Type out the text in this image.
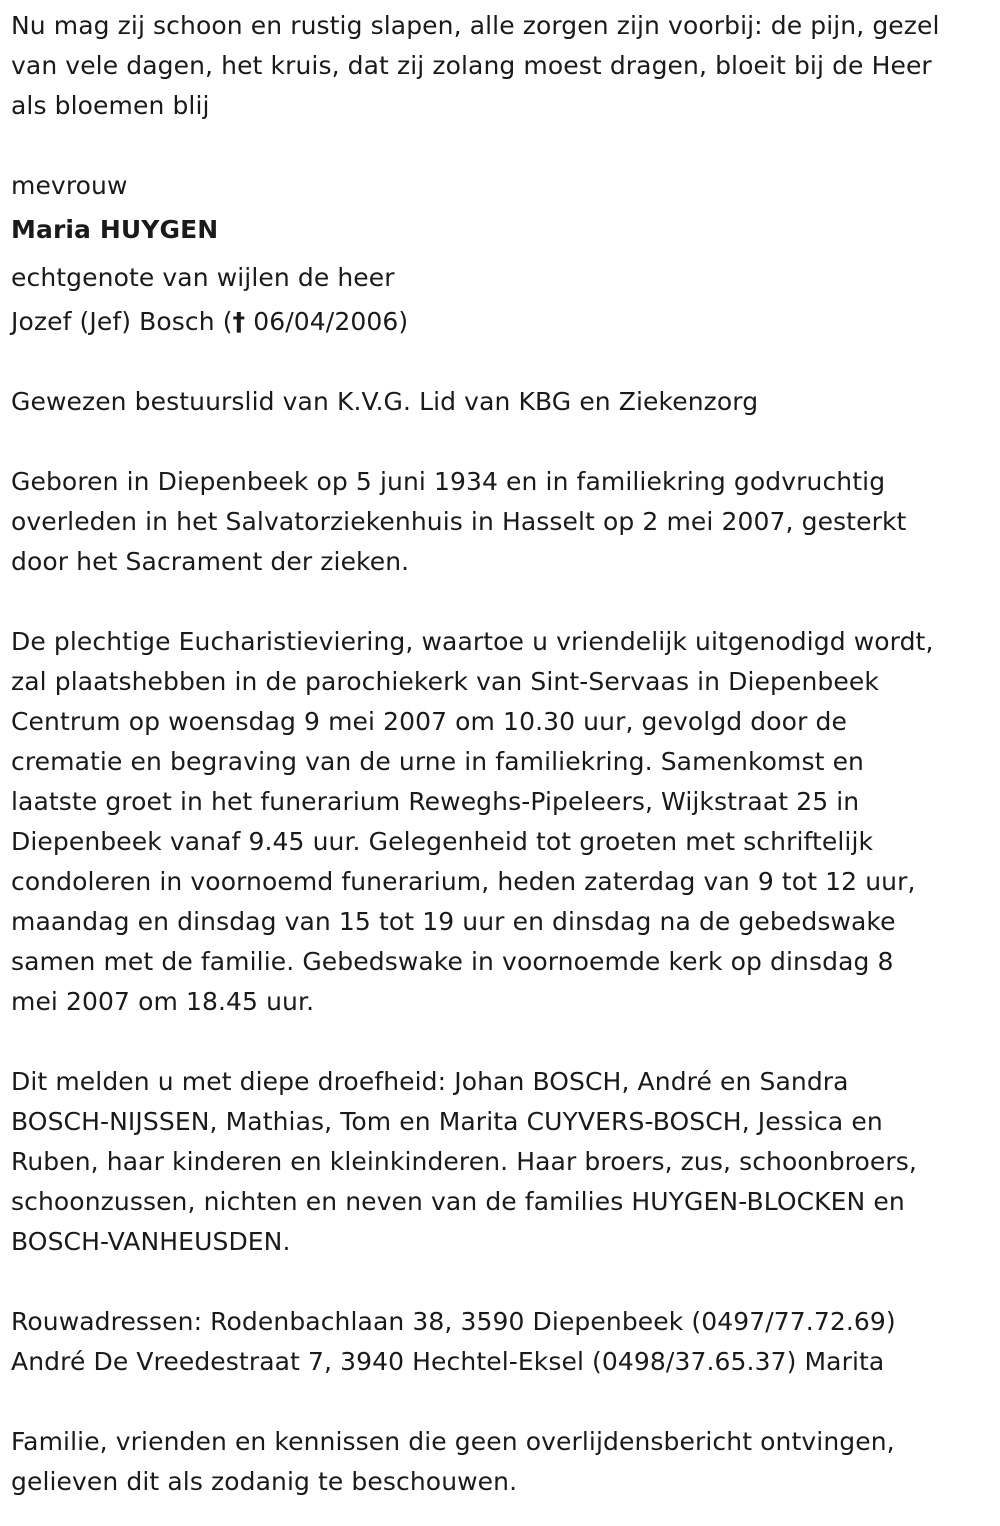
Nu mag zij schoon en rustig slapen, alle zorgen zijn voorbij: de pijn, gezel
van vele dagen, het kruis, dat zij zolang moest dragen, bloeit bij de Heer
als bloemen blij
mevrouw
Maria HUYGEN
echtgenote van wijlen de heer
Jozef (Jef) Bosch († 06/04/2006)
Gewezen bestuurslid van K.V.G. Lid van KBG en Ziekenzorg
Geboren in Diepenbeek op 5 juni 1934 en in familiekring godvruchtig
overleden in het Salvatorziekenhuis in Hasselt op 2 mei 2007, gesterkt
door het Sacrament der zieken.
De plechtige Eucharistieviering, waartoe u vriendelijk uitgenodigd wordt,
zal plaatshebben in de parochiekerk van Sint-Servaas in Diepenbeek
Centrum op woensdag 9 mei 2007 om 10.30 uur, gevolgd door de
crematie en begraving van de urne in familiekring. Samenkomst en
laatste groet in het funerarium Reweghs-Pipeleers, Wijkstraat 25 in
Diepenbeek vanaf 9.45 uur. Gelegenheid tot groeten met schriftelijk
condoleren in voornoemd funerarium, heden zaterdag van 9 tot 12 uur,
maandag en dinsdag van 15 tot 19 uur en dinsdag na de gebedswake
samen met de familie. Gebedswake in voornoemde kerk op dinsdag 8
mei 2007 om 18.45 uur.
Dit melden u met diepe droefheid: Johan BOSCH, André en Sandra
BOSCH-NIJSSEN, Mathias, Tom en Marita CUYVERS-BOSCH, Jessica en
Ruben, haar kinderen en kleinkinderen. Haar broers, zus, schoonbroers,
schoonzussen, nichten en neven van de families HUYGEN-BLOCKEN en
BOSCH-VANHEUSDEN.
Rouwadressen: Rodenbachlaan 38, 3590 Diepenbeek (0497/77.72.69)
André De Vreedestraat 7, 3940 Hechtel-Eksel (0498/37.65.37) Marita
Familie, vrienden en kennissen die geen overlijdensbericht ontvingen,
gelieven dit als zodanig te beschouwen.
